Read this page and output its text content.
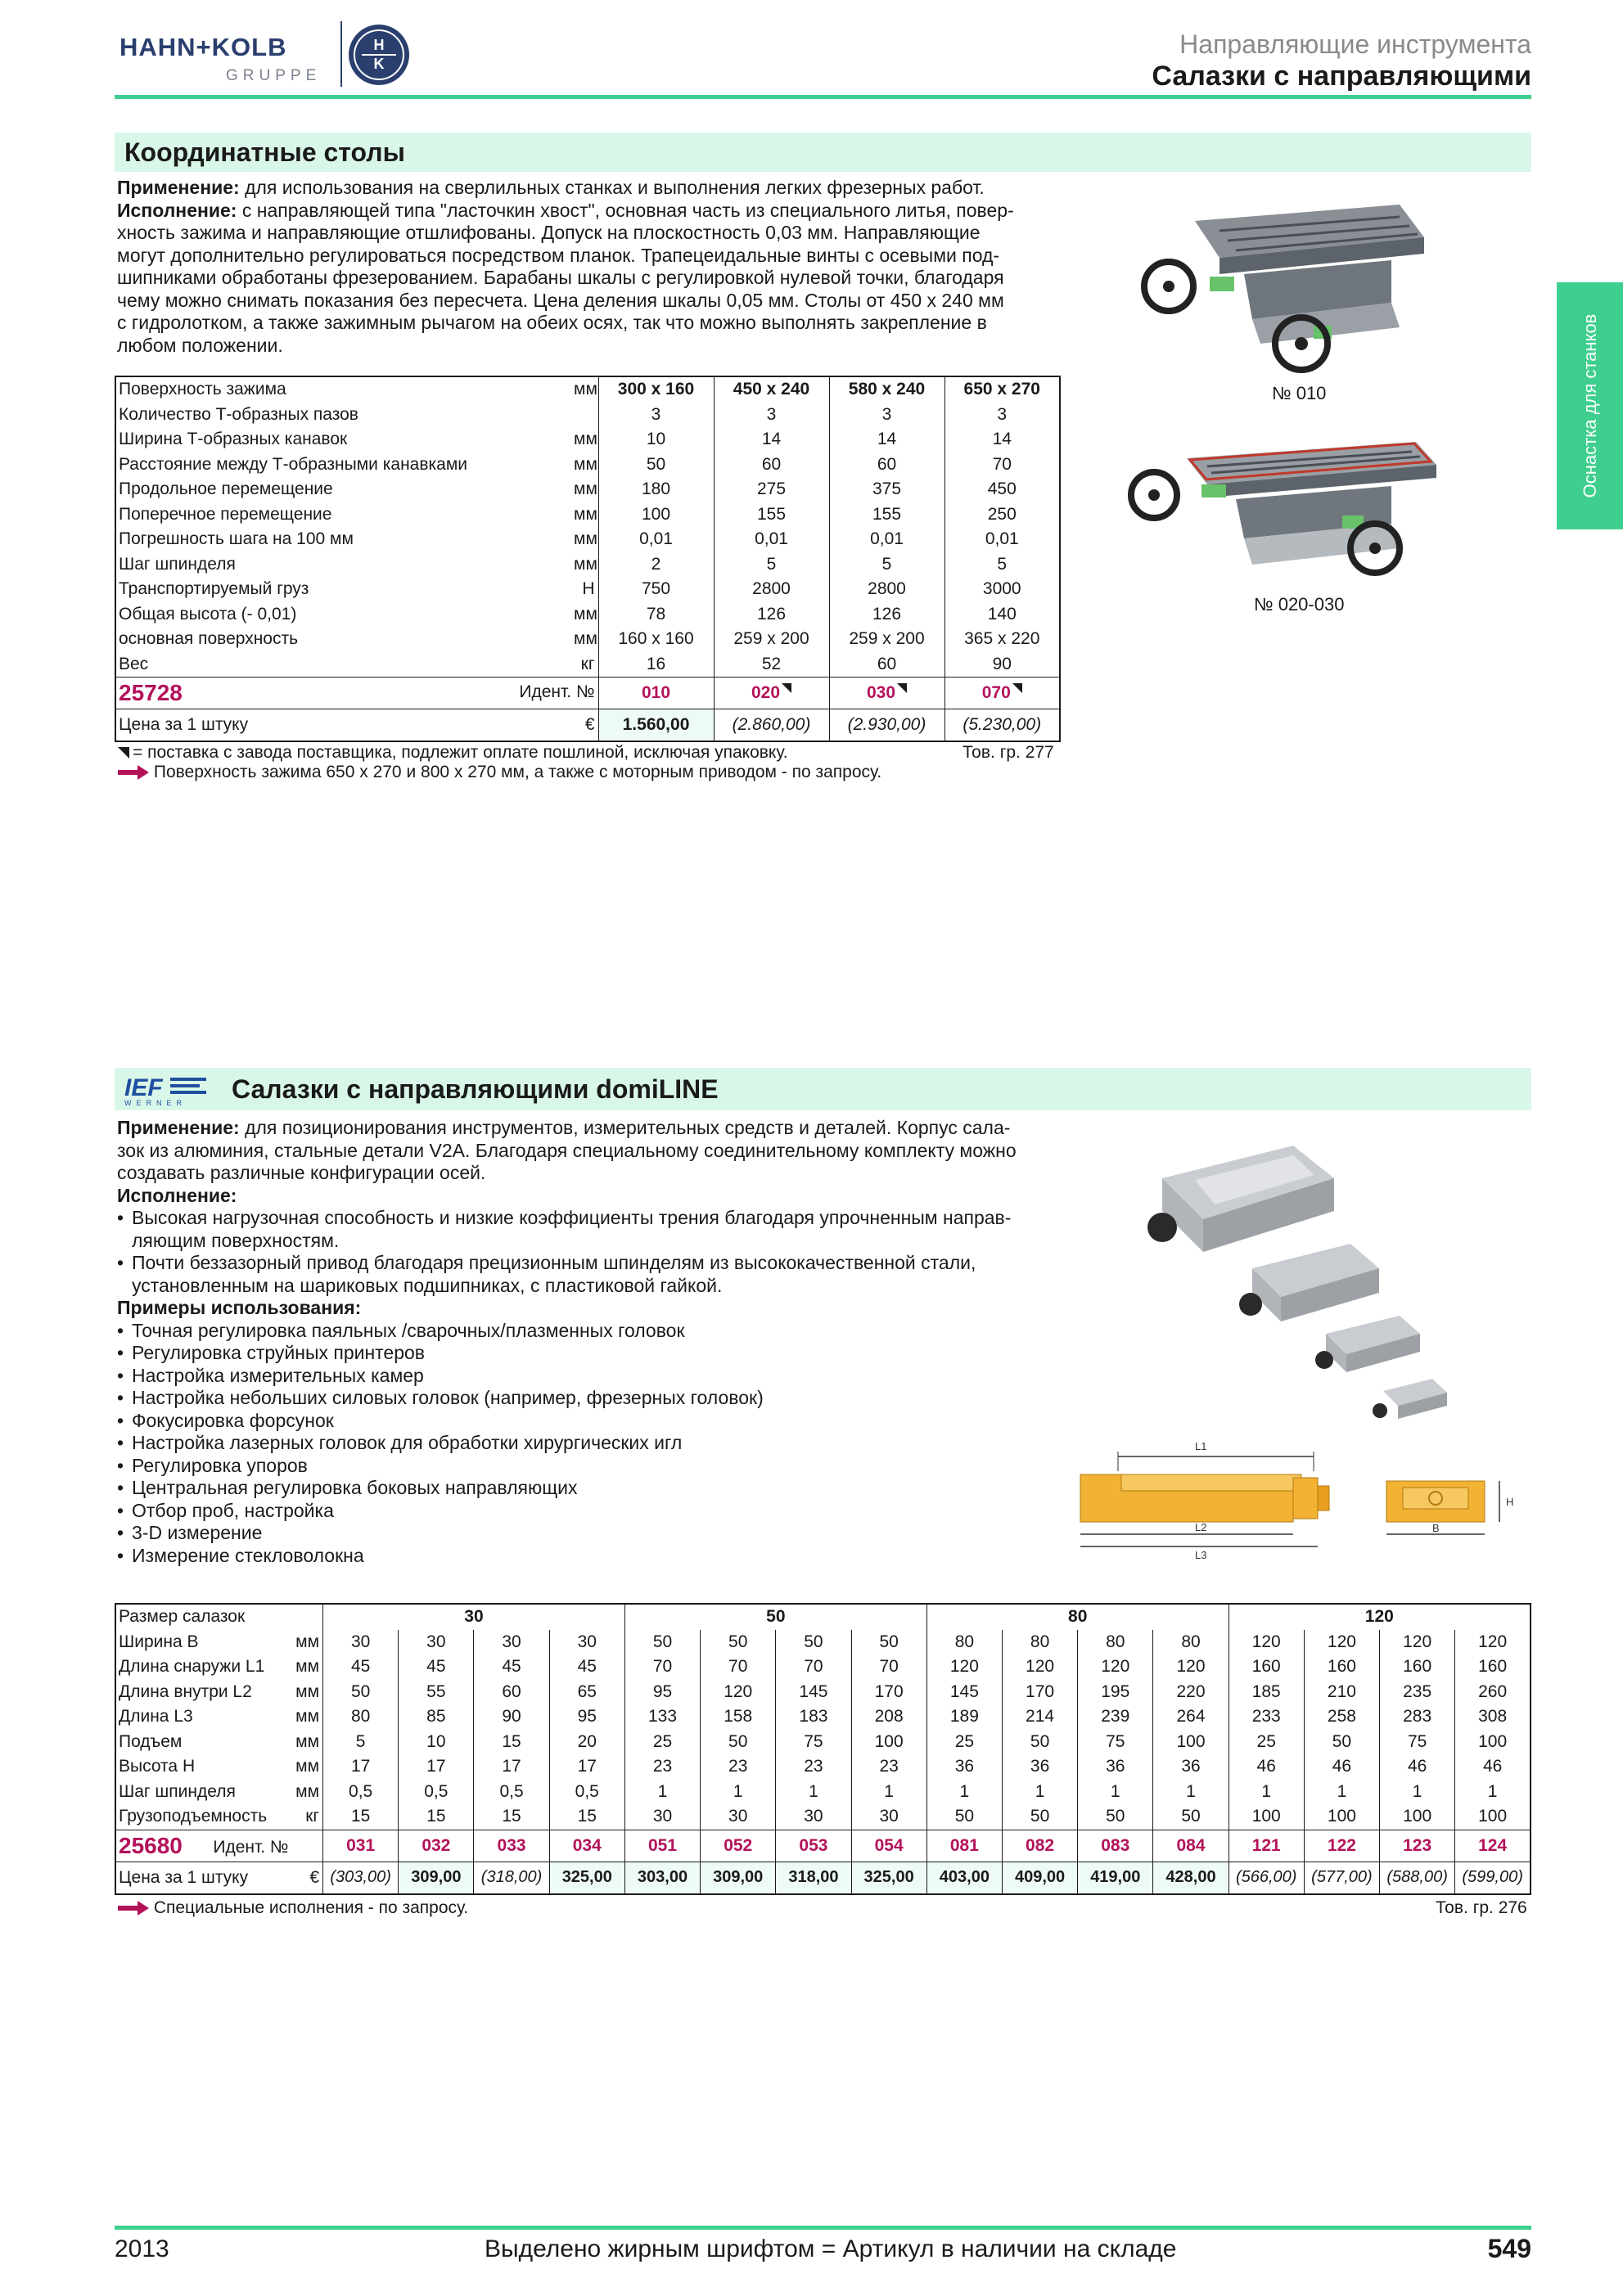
HAHN+KOLB
GRUPPE
H
K
Направляющие инструмента
Салазки с направляющими
Оснастка для станков
Координатные столы

Применение: для использования на сверлильных станках и выполнения легких фрезерных работ.

Исполнение: с направляющей типа "ласточкин хвост", основная часть из специального литья, повер-
хность зажима и направляющие отшлифованы. Допуск на плоскостность 0,03 мм. Направляющие
могут дополнительно регулироваться посредством планок. Трапецеидальные винты с осевыми под-
шипниками обработаны фрезерованием. Барабаны шкалы с регулировкой нулевой точки, благодаря
чему можно снимать показания без пересчета. Цена деления шкалы 0,05 мм. Столы от 450 х 240 мм
с гидролотком, а также зажимным рычагом на обеих осях, так что можно выполнять закрепление в
любом положении.

№ 010
№ 020-030
Поверхность зажима	мм	300 x 160	450 x 240	580 x 240	650 x 270
Количество Т-образных пазов		3	3	3	3
Ширина Т-образных канавок	мм	10	14	14	14
Расстояние между Т-образными канавками	мм	50	60	60	70
Продольное перемещение	мм	180	275	375	450
Поперечное перемещение	мм	100	155	155	250
Погрешность шага на 100 мм	мм	0,01	0,01	0,01	0,01
Шаг шпинделя	мм	2	5	5	5
Транспортируемый груз	Н	750	2800	2800	3000
Общая высота (- 0,01)	мм	78	126	126	140
основная поверхность	мм	160 x 160	259 x 200	259 x 200	365 x 220
Вес	кг	16	52	60	90
25728	Идент. №	010	020	030	070
Цена за 1 штуку	€	1.560,00	(2.860,00)	(2.930,00)	(5.230,00)
= поставка с завода поставщика, подлежит оплате пошлиной, исключая упаковку.	Тов. гр. 277
Поверхность зажима 650 х 270 и 800 х 270 мм, а также с моторным приводом - по запросу.
IEF
WERNER Салазки с направляющими domiLINE

Применение: для позиционирования инструментов, измерительных средств и деталей. Корпус сала-
зок из алюминия, стальные детали V2A. Благодаря специальному соединительному комплекту можно
создавать различные конфигурации осей.

Исполнение:

• Высокая нагрузочная способность и низкие коэффициенты трения благодаря упрочненным направ-
ляющим поверхностям.
• Почти беззазорный привод благодаря прецизионным шпинделям из высококачественной стали,
установленным на шариковых подшипниках, с пластиковой гайкой.

Примеры использования:

• Точная регулировка паяльных /сварочных/плазменных головок
• Регулировка струйных принтеров
• Настройка измерительных камер
• Настройка небольших силовых головок (например, фрезерных головок)
• Фокусировка форсунок
• Настройка лазерных головок для обработки хирургических игл
• Регулировка упоров
• Центральная регулировка боковых направляющих
• Отбор проб, настройка
• 3-D измерение
• Измерение стекловолокна
L1
L2
L3
B
H
Размер салазок		30				50				80				120			
Ширина B	мм	30	30	30	30	50	50	50	50	80	80	80	80	120	120	120	120
Длина снаружи L1	мм	45	45	45	45	70	70	70	70	120	120	120	120	160	160	160	160
Длина внутри L2	мм	50	55	60	65	95	120	145	170	145	170	195	220	185	210	235	260
Длина L3	мм	80	85	90	95	133	158	183	208	189	214	239	264	233	258	283	308
Подъем	мм	5	10	15	20	25	50	75	100	25	50	75	100	25	50	75	100
Высота H	мм	17	17	17	17	23	23	23	23	36	36	36	36	46	46	46	46
Шаг шпинделя	мм	0,5	0,5	0,5	0,5	1	1	1	1	1	1	1	1	1	1	1	1
Грузоподъемность	кг	15	15	15	15	30	30	30	30	50	50	50	50	100	100	100	100
25680 Идент. №		031	032	033	034	051	052	053	054	081	082	083	084	121	122	123	124
Цена за 1 штуку	€	(303,00)	309,00	(318,00)	325,00	303,00	309,00	318,00	325,00	403,00	409,00	419,00	428,00	(566,00)	(577,00)	(588,00)	(599,00)
Специальные исполнения - по запросу.	Тов. гр. 276
2013	Выделено жирным шрифтом = Артикул в наличии на складе	549
